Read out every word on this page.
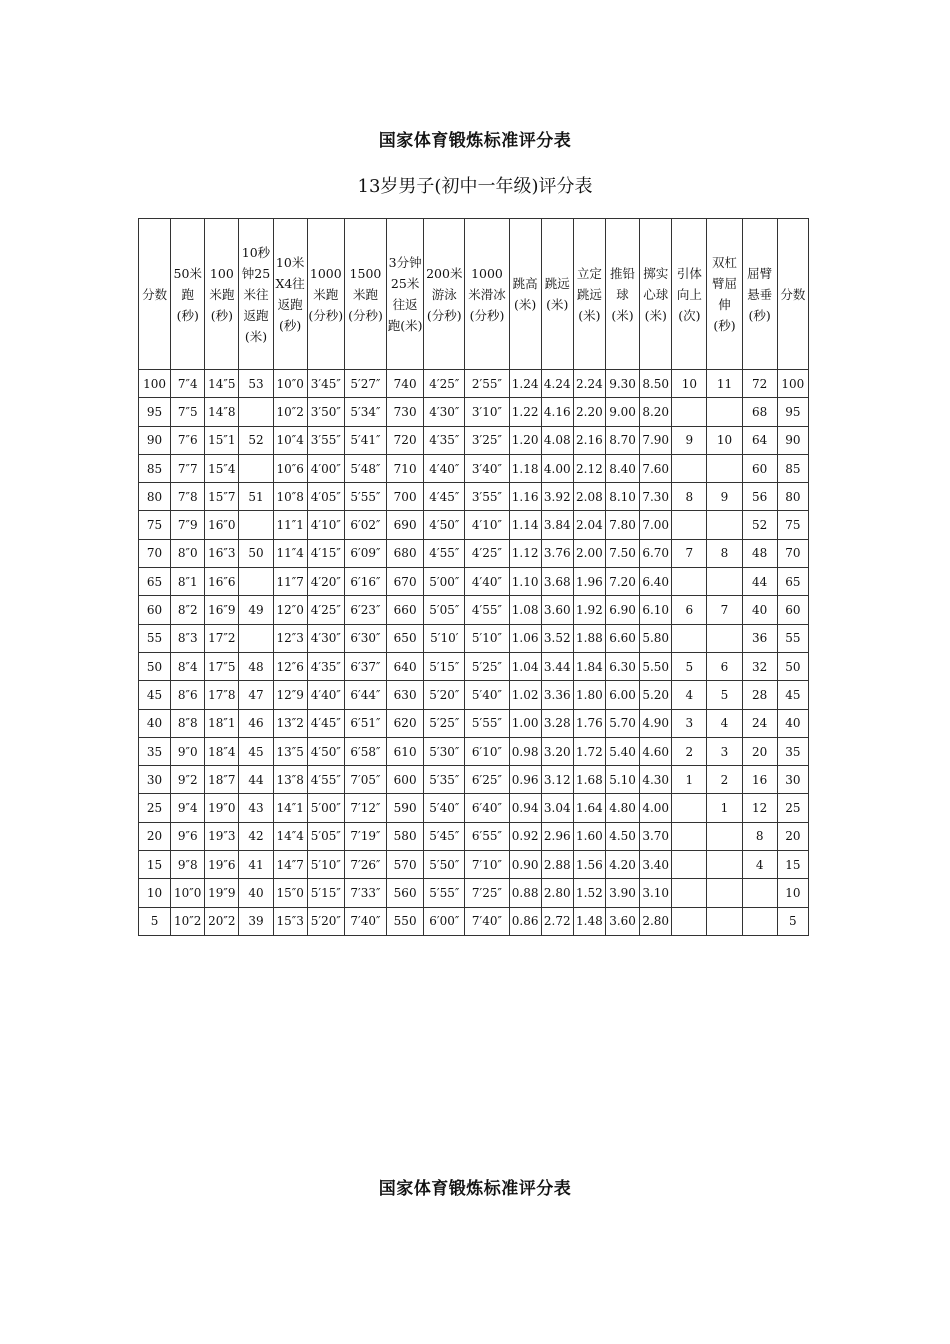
国家体育锻炼标准评分表
13岁男子(初中一年级)评分表
分数	50米跑(秒)	100米跑(秒)	10秒钟25米往返跑(米)	10米X4往返跑(秒)	1000米跑(分秒)	1500米跑(分秒)	3分钟25米往返跑(米)	200米游泳(分秒)	1000米滑冰(分秒)	跳高(米)	跳远(米)	立定跳远(米)	推铅球(米)	掷实心球(米)	引体向上(次)	双杠臂屈伸(秒)	屈臂悬垂(秒)	分数
100	7″4	14″5	53	10″0	3′45″	5′27″	740	4′25″	2′55″	1.24	4.24	2.24	9.30	8.50	10	11	72	100
95	7″5	14″8		10″2	3′50″	5′34″	730	4′30″	3′10″	1.22	4.16	2.20	9.00	8.20			68	95
90	7″6	15″1	52	10″4	3′55″	5′41″	720	4′35″	3′25″	1.20	4.08	2.16	8.70	7.90	9	10	64	90
85	7″7	15″4		10″6	4′00″	5′48″	710	4′40″	3′40″	1.18	4.00	2.12	8.40	7.60			60	85
80	7″8	15″7	51	10″8	4′05″	5′55″	700	4′45″	3′55″	1.16	3.92	2.08	8.10	7.30	8	9	56	80
75	7″9	16″0		11″1	4′10″	6′02″	690	4′50″	4′10″	1.14	3.84	2.04	7.80	7.00			52	75
70	8″0	16″3	50	11″4	4′15″	6′09″	680	4′55″	4′25″	1.12	3.76	2.00	7.50	6.70	7	8	48	70
65	8″1	16″6		11″7	4′20″	6′16″	670	5′00″	4′40″	1.10	3.68	1.96	7.20	6.40			44	65
60	8″2	16″9	49	12″0	4′25″	6′23″	660	5′05″	4′55″	1.08	3.60	1.92	6.90	6.10	6	7	40	60
55	8″3	17″2		12″3	4′30″	6′30″	650	5′10′	5′10″	1.06	3.52	1.88	6.60	5.80			36	55
50	8″4	17″5	48	12″6	4′35″	6′37″	640	5′15″	5′25″	1.04	3.44	1.84	6.30	5.50	5	6	32	50
45	8″6	17″8	47	12″9	4′40″	6′44″	630	5′20″	5′40″	1.02	3.36	1.80	6.00	5.20	4	5	28	45
40	8″8	18″1	46	13″2	4′45″	6′51″	620	5′25″	5′55″	1.00	3.28	1.76	5.70	4.90	3	4	24	40
35	9″0	18″4	45	13″5	4′50″	6′58″	610	5′30″	6′10″	0.98	3.20	1.72	5.40	4.60	2	3	20	35
30	9″2	18″7	44	13″8	4′55″	7′05″	600	5′35″	6′25″	0.96	3.12	1.68	5.10	4.30	1	2	16	30
25	9″4	19″0	43	14″1	5′00″	7′12″	590	5′40″	6′40″	0.94	3.04	1.64	4.80	4.00		1	12	25
20	9″6	19″3	42	14″4	5′05″	7′19″	580	5′45″	6′55″	0.92	2.96	1.60	4.50	3.70			8	20
15	9″8	19″6	41	14″7	5′10″	7′26″	570	5′50″	7′10″	0.90	2.88	1.56	4.20	3.40			4	15
10	10″0	19″9	40	15″0	5′15″	7′33″	560	5′55″	7′25″	0.88	2.80	1.52	3.90	3.10				10
5	10″2	20″2	39	15″3	5′20″	7′40″	550	6′00″	7′40″	0.86	2.72	1.48	3.60	2.80				5
国家体育锻炼标准评分表
